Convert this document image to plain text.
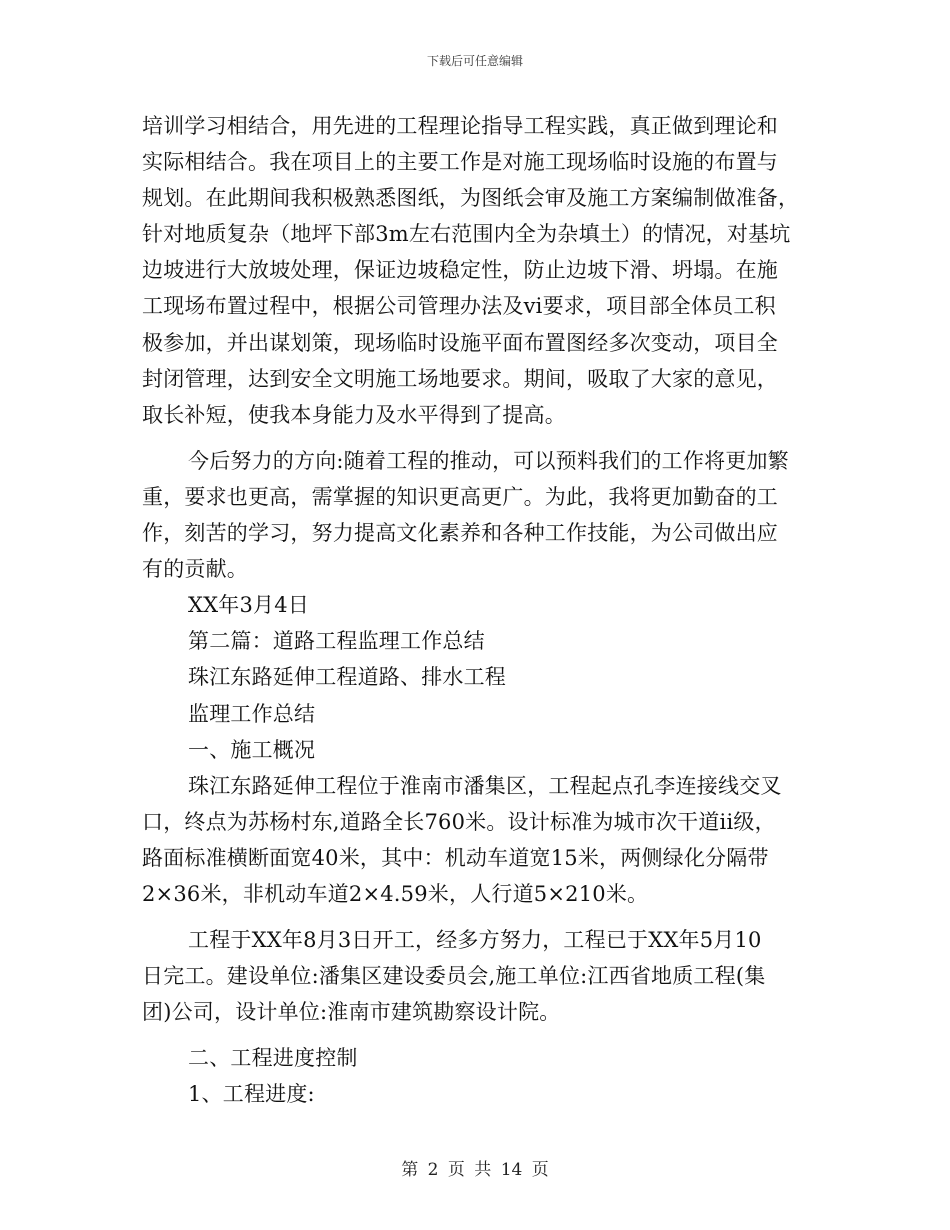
下载后可任意编辑
培训学习相结合，用先进的工程理论指导工程实践，真正做到理论和
实际相结合。我在项目上的主要工作是对施工现场临时设施的布置与
规划。在此期间我积极熟悉图纸，为图纸会审及施工方案编制做准备，
针对地质复杂（地坪下部3m左右范围内全为杂填土）的情况，对基坑
边坡进行大放坡处理，保证边坡稳定性，防止边坡下滑、坍塌。在施
工现场布置过程中，根据公司管理办法及vi要求，项目部全体员工积
极参加，并出谋划策，现场临时设施平面布置图经多次变动，项目全
封闭管理，达到安全文明施工场地要求。期间，吸取了大家的意见，
取长补短，使我本身能力及水平得到了提高。
今后努力的方向:随着工程的推动，可以预料我们的工作将更加繁
重，要求也更高，需掌握的知识更高更广。为此，我将更加勤奋的工
作，刻苦的学习，努力提高文化素养和各种工作技能，为公司做出应
有的贡献。
XX年3月4日
第二篇：道路工程监理工作总结
珠江东路延伸工程道路、排水工程
监理工作总结
一、施工概况
珠江东路延伸工程位于淮南市潘集区，工程起点孔李连接线交叉
口，终点为苏杨村东,道路全长760米。设计标准为城市次干道ii级，
路面标准横断面宽40米，其中：机动车道宽15米，两侧绿化分隔带
2×36米，非机动车道2×4.59米，人行道5×210米。
工程于XX年8月3日开工，经多方努力，工程已于XX年5月10
日完工。建设单位:潘集区建设委员会,施工单位:江西省地质工程(集
团)公司，设计单位:淮南市建筑勘察设计院。
二、工程进度控制
1、工程进度:
第 2 页 共 14 页
